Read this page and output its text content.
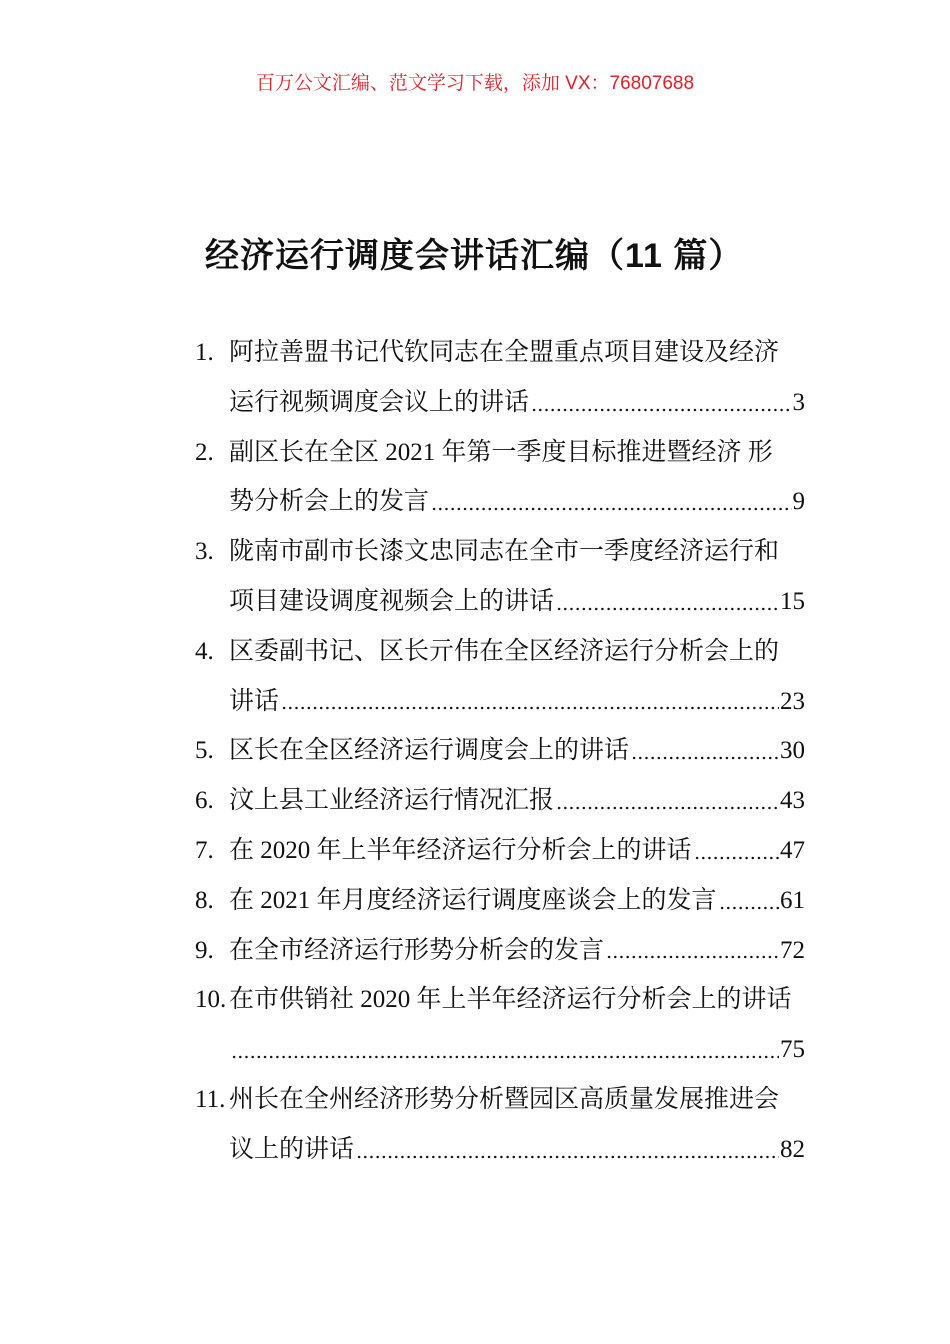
百万公文汇编、范文学习下载，添加 VX：76807688
经济运行调度会讲话汇编（11 篇）
1. 阿拉善盟书记代钦同志在全盟重点项目建设及经济
运行视频调度会议上的讲话	3
2. 副区长在全区 2021 年第一季度目标推进暨经济 形
势分析会上的发言	9
3. 陇南市副市长漆文忠同志在全市一季度经济运行和
项目建设调度视频会上的讲话	15
4. 区委副书记、区长亓伟在全区经济运行分析会上的
讲话	23
5. 区长在全区经济运行调度会上的讲话	30
6. 汶上县工业经济运行情况汇报	43
7. 在 2020 年上半年经济运行分析会上的讲话	47
8. 在 2021 年月度经济运行调度座谈会上的发言	61
9. 在全市经济运行形势分析会的发言	72
10. 在市供销社 2020 年上半年经济运行分析会上的讲话
75
11. 州长在全州经济形势分析暨园区高质量发展推进会
议上的讲话	82
